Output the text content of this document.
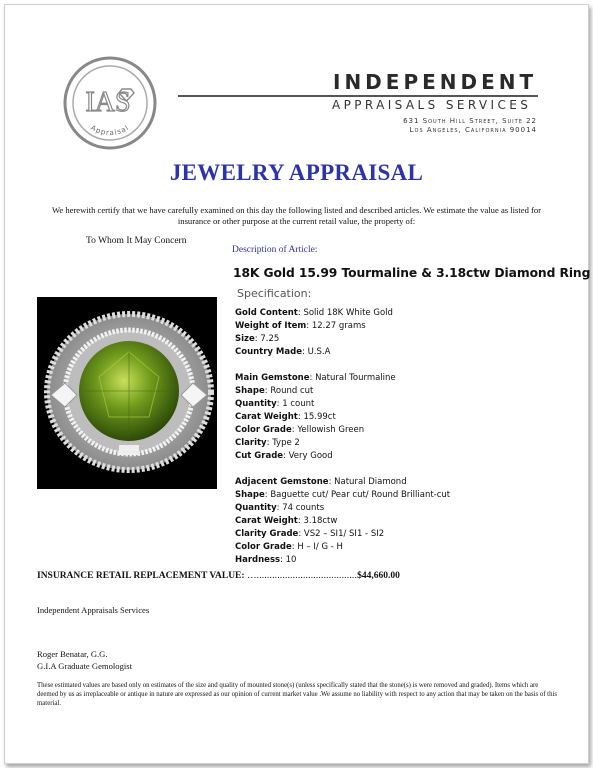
IAS
Appraisal
INDEPENDENT
APPRAISALS SERVICES
631 South Hill Street, Suite 22
Los Angeles, California 90014
JEWELRY APPRAISAL
We herewith certify that we have carefully examined on this day the following listed and described articles. We estimate the value as listed for insurance or other purpose at the current retail value, the property of:
To Whom It May Concern
Description of Article:
18K Gold 15.99 Tourmaline & 3.18ctw Diamond Ring
Specification:
Gold Content: Solid 18K White Gold
Weight of Item: 12.27 grams
Size: 7.25
Country Made: U.S.A
Main Gemstone: Natural Tourmaline
Shape: Round cut
Quantity: 1 count
Carat Weight: 15.99ct
Color Grade: Yellowish Green
Clarity: Type 2
Cut Grade: Very Good
Adjacent Gemstone: Natural Diamond
Shape: Baguette cut/ Pear cut/ Round Brilliant-cut
Quantity: 74 counts
Carat Weight: 3.18ctw
Clarity Grade: VS2 – SI1/ SI1 - SI2
Color Grade: H – I/ G - H
Hardness: 10
INSURANCE RETAIL REPLACEMENT VALUE: ….......................................$44,660.00
Independent Appraisals Services
Roger Benatar, G.G.
G.I.A Graduate Gemologist
These estimated values are based only on estimates of the size and quality of mounted stone(s) (unless specifically stated that the stone(s) is were removed and graded). Items which are deemed by us as irreplaceable or antique in nature are expressed as our opinion of current market value .We assume no liability with respect to any action that may be taken on the basis of this material.
